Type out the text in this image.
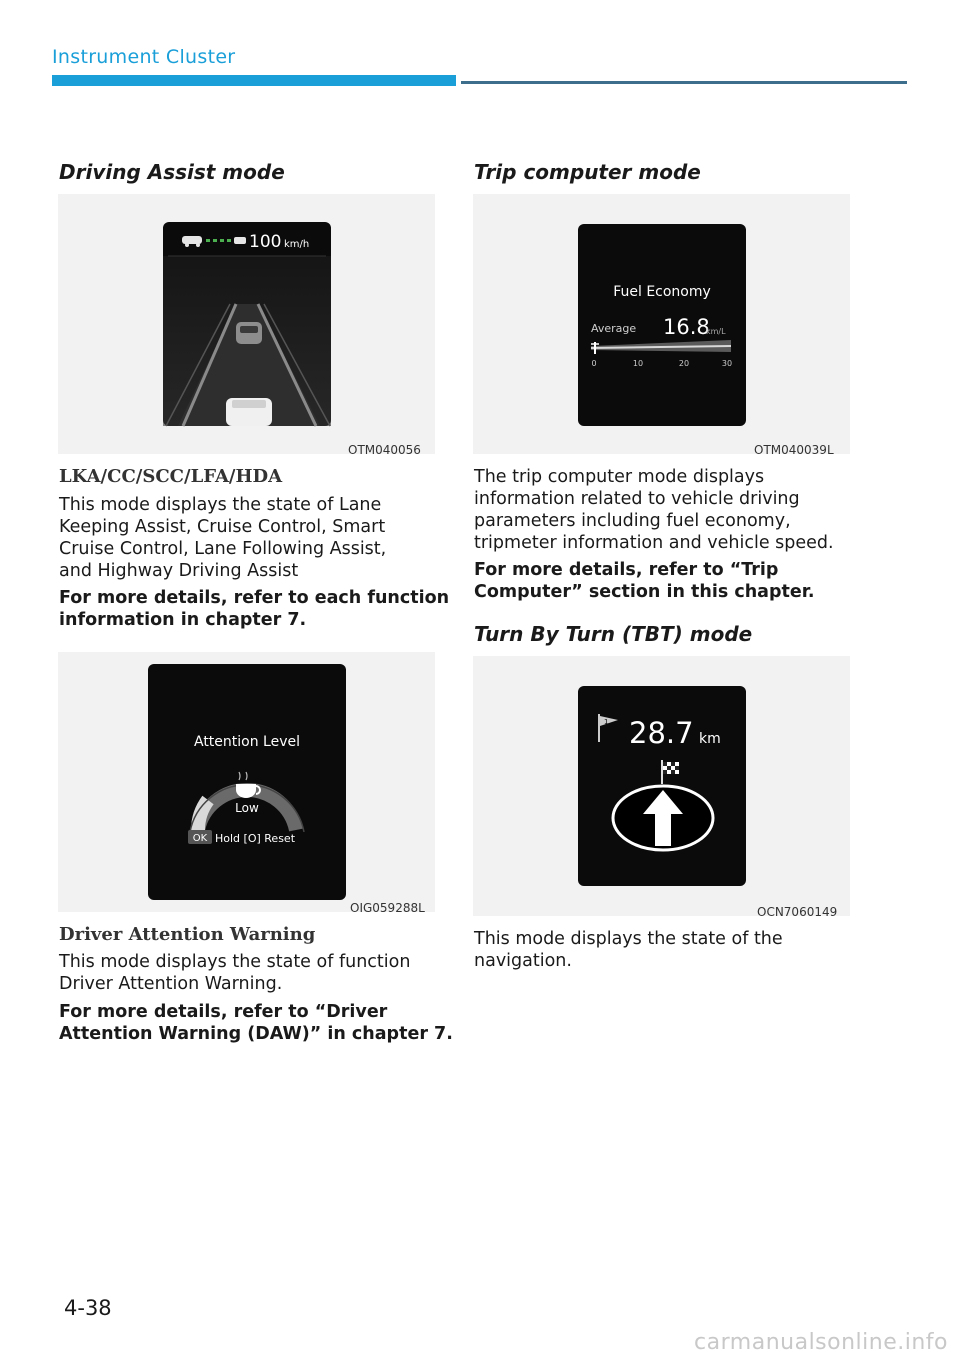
Instrument Cluster
Driving Assist mode
100 km/h
OTM040056
LKA/CC/SCC/LFA/HDA
This mode displays the state of Lane
Keeping Assist, Cruise Control, Smart
Cruise Control, Lane Following Assist,
and Highway Driving Assist
For more details, refer to each function
information in chapter 7.
Attention Level
Low
OK Hold [O] Reset
OIG059288L
Driver Attention Warning
This mode displays the state of function
Driver Attention Warning.
For more details, refer to “Driver
Attention Warning (DAW)” in chapter 7.
Trip computer mode
Fuel Economy
Average 16.8
km/L
0	10	20	30
OTM040039L
The trip computer mode displays
information related to vehicle driving
parameters including fuel economy,
tripmeter information and vehicle speed.
For more details, refer to “Trip
Computer” section in this chapter.
Turn By Turn (TBT) mode
1 28.7 km
OCN7060149
This mode displays the state of the
navigation.
4-38
carmanualsonline.info
